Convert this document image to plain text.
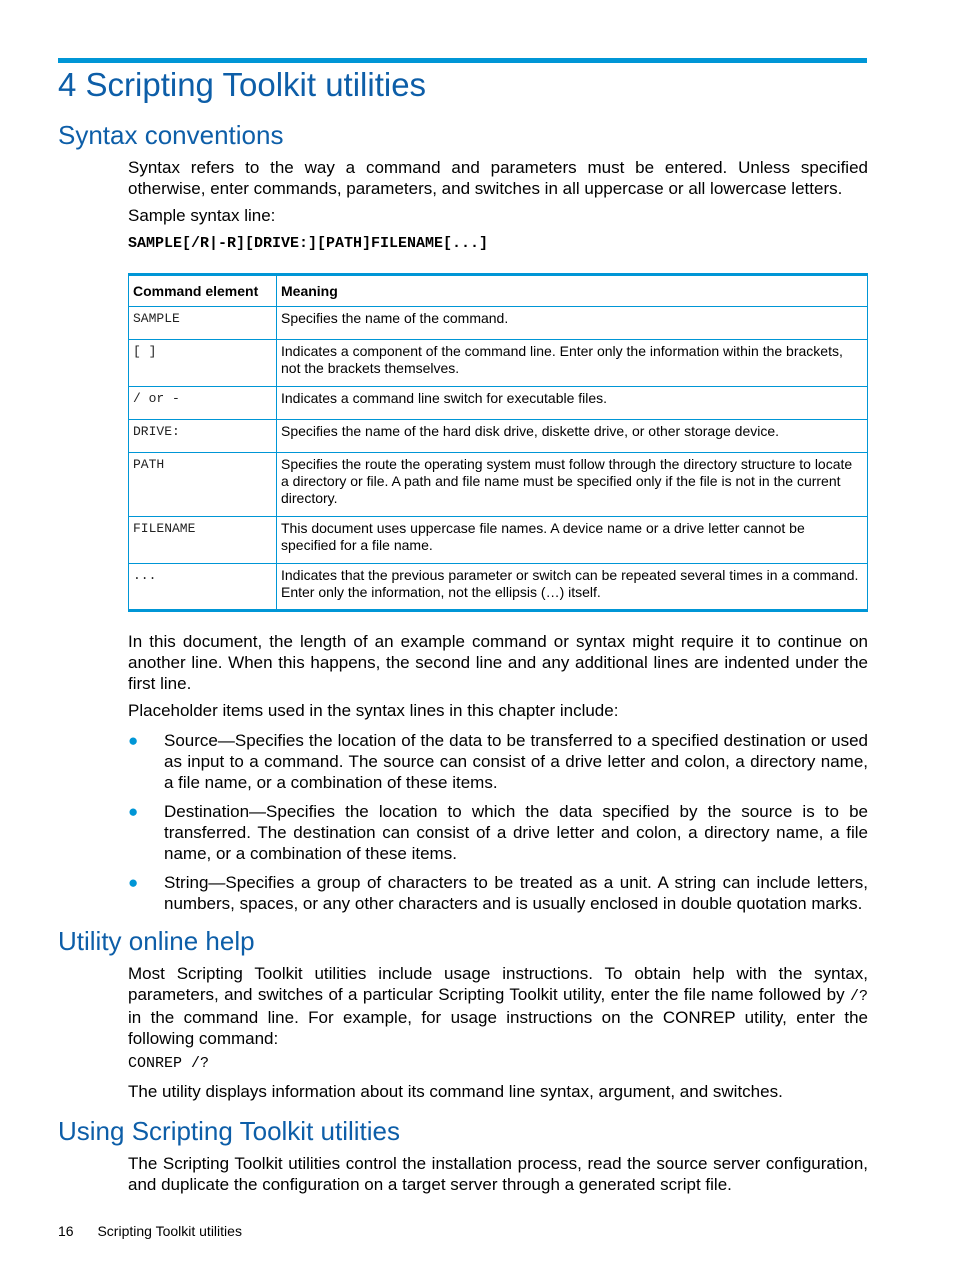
4 Scripting Toolkit utilities
Syntax conventions

Syntax refers to the way a command and parameters must be entered. Unless specified otherwise, enter commands, parameters, and switches in all uppercase or all lowercase letters.

Sample syntax line:

SAMPLE[/R|-R][DRIVE:][PATH]FILENAME[...]

Command element	Meaning
SAMPLE	Specifies the name of the command.
[ ]	Indicates a component of the command line. Enter only the information within the brackets, not the brackets themselves.
/ or -	Indicates a command line switch for executable files.
DRIVE:	Specifies the name of the hard disk drive, diskette drive, or other storage device.
PATH	Specifies the route the operating system must follow through the directory structure to locate a directory or file. A path and file name must be specified only if the file is not in the current directory.
FILENAME	This document uses uppercase file names. A device name or a drive letter cannot be specified for a file name.
...	Indicates that the previous parameter or switch can be repeated several times in a command. Enter only the information, not the ellipsis (…) itself.

In this document, the length of an example command or syntax might require it to continue on another line. When this happens, the second line and any additional lines are indented under the first line.

Placeholder items used in the syntax lines in this chapter include:

● Source—Specifies the location of the data to be transferred to a specified destination or used as input to a command. The source can consist of a drive letter and colon, a directory name, a file name, or a combination of these items.
● Destination—Specifies the location to which the data specified by the source is to be transferred. The destination can consist of a drive letter and colon, a directory name, a file name, or a combination of these items.
● String—Specifies a group of characters to be treated as a unit. A string can include letters, numbers, spaces, or any other characters and is usually enclosed in double quotation marks.
Utility online help

Most Scripting Toolkit utilities include usage instructions. To obtain help with the syntax, parameters, and switches of a particular Scripting Toolkit utility, enter the file name followed by /? in the command line. For example, for usage instructions on the CONREP utility, enter the following command:

CONREP /?

The utility displays information about its command line syntax, argument, and switches.

Using Scripting Toolkit utilities

The Scripting Toolkit utilities control the installation process, read the source server configuration, and duplicate the configuration on a target server through a generated script file.

16 Scripting Toolkit utilities
